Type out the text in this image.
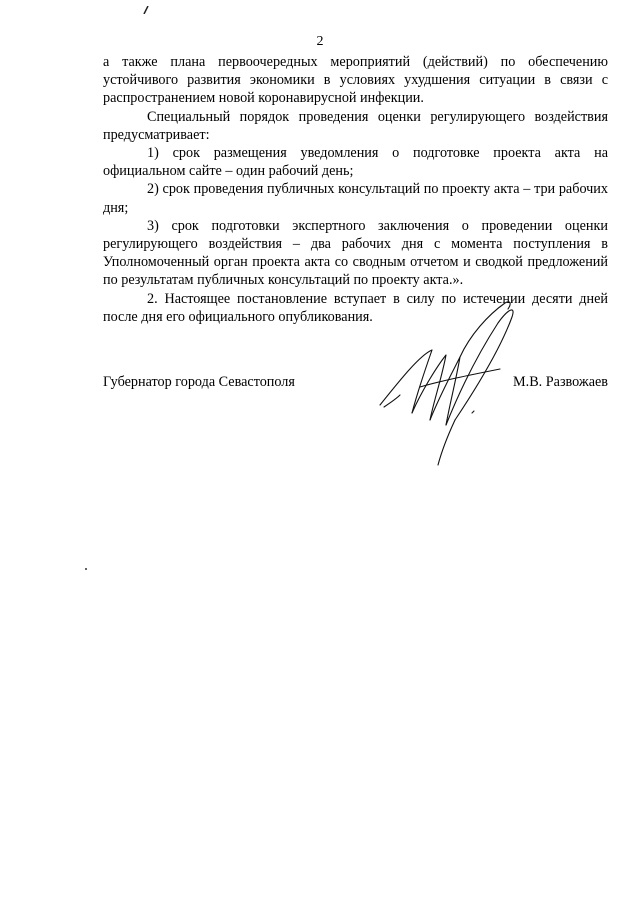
2

а также плана первоочередных мероприятий (действий) по обеспечению устойчивого развития экономики в условиях ухудшения ситуации в связи с распространением новой коронавирусной инфекции.

Специальный порядок проведения оценки регулирующего воздействия предусматривает:

1) срок размещения уведомления о подготовке проекта акта на официальном сайте – один рабочий день;

2) срок проведения публичных консультаций по проекту акта – три рабочих дня;

3) срок подготовки экспертного заключения о проведении оценки регулирующего воздействия – два рабочих дня с момента поступления в Уполномоченный орган проекта акта со сводным отчетом и сводкой предложений по результатам публичных консультаций по проекту акта.».

2. Настоящее постановление вступает в силу по истечении десяти дней после дня его официального опубликования.

Губернатор города Севастополя	М.В. Развожаев
